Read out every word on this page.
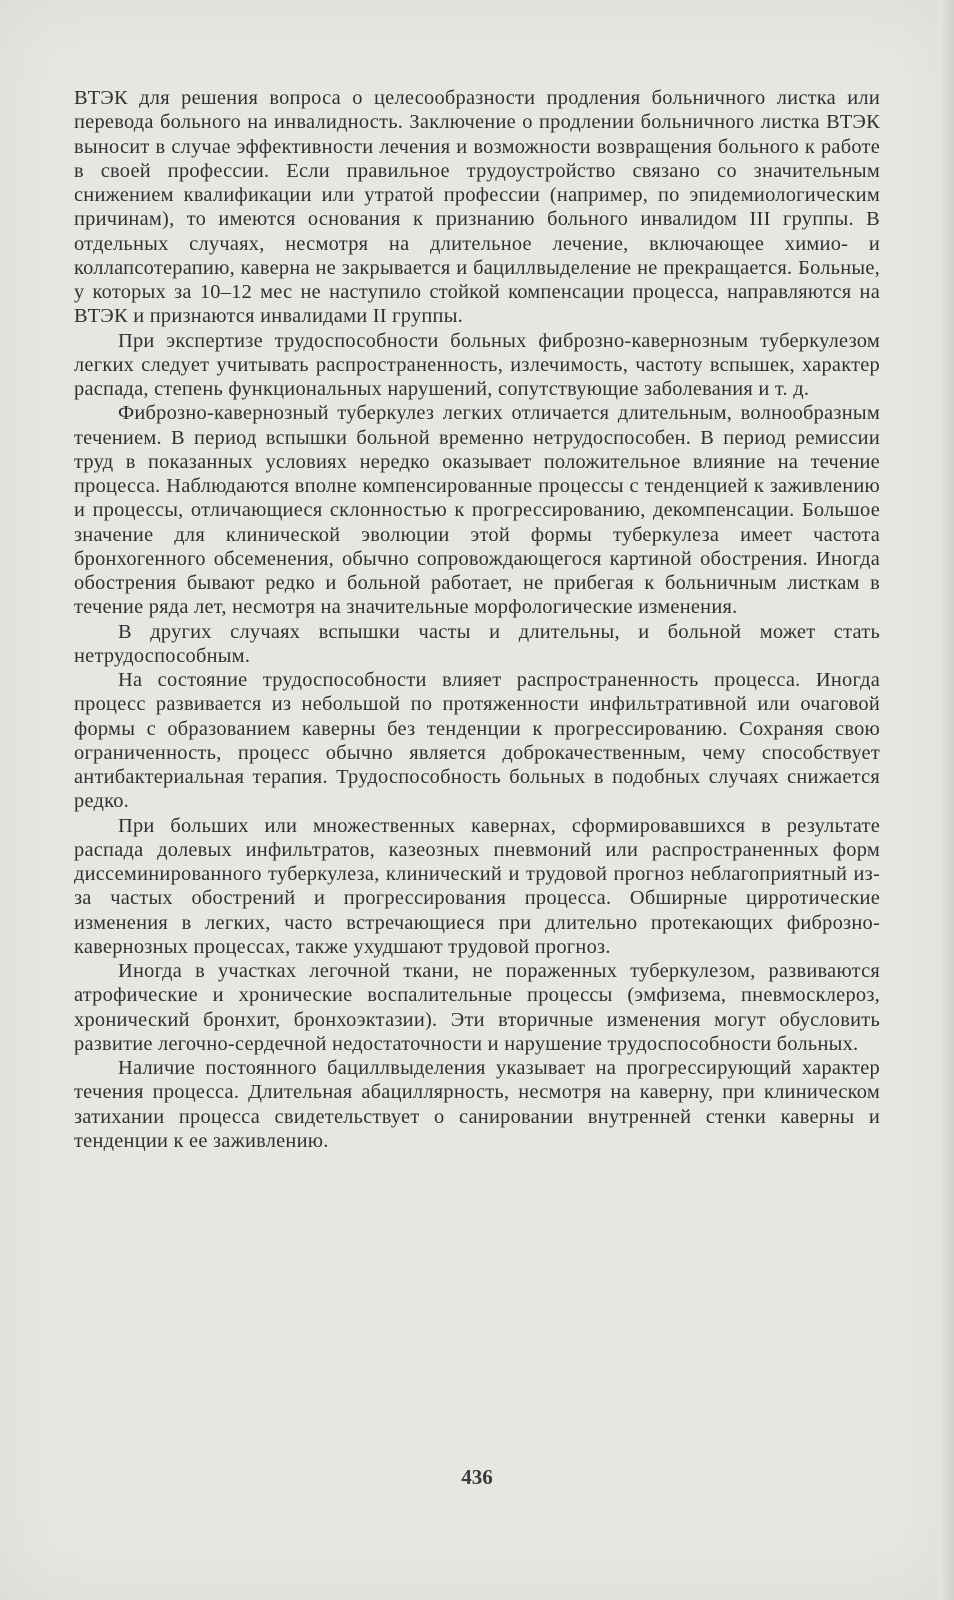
ВТЭК для решения вопроса о целесообразности продления больничного листка или перевода больного на инвалидность. Заключение о продлении больничного листка ВТЭК выносит в случае эффективности лечения и возможности возвращения больного к работе в своей профессии. Если правильное трудоустройство связано со значительным снижением квалификации или утратой профессии (например, по эпидемиологическим причинам), то имеются основания к признанию больного инвалидом III группы. В отдельных случаях, несмотря на длительное лечение, включающее химио- и коллапсотерапию, каверна не закрывается и бациллвыделение не прекращается. Больные, у которых за 10–12 мес не наступило стойкой компенсации процесса, направляются на ВТЭК и признаются инвалидами II группы.

При экспертизе трудоспособности больных фиброзно-кавернозным туберкулезом легких следует учитывать распространенность, излечимость, частоту вспышек, характер распада, степень функциональных нарушений, сопутствующие заболевания и т. д.

Фиброзно-кавернозный туберкулез легких отличается длительным, волнообразным течением. В период вспышки больной временно нетрудоспособен. В период ремиссии труд в показанных условиях нередко оказывает положительное влияние на течение процесса. Наблюдаются вполне компенсированные процессы с тенденцией к заживлению и процессы, отличающиеся склонностью к прогрессированию, декомпенсации. Большое значение для клинической эволюции этой формы туберкулеза имеет частота бронхогенного обсеменения, обычно сопровождающегося картиной обострения. Иногда обострения бывают редко и больной работает, не прибегая к больничным листкам в течение ряда лет, несмотря на значительные морфологические изменения.

В других случаях вспышки часты и длительны, и больной может стать нетрудоспособным.

На состояние трудоспособности влияет распространенность процесса. Иногда процесс развивается из небольшой по протяженности инфильтративной или очаговой формы с образованием каверны без тенденции к прогрессированию. Сохраняя свою ограниченность, процесс обычно является доброкачественным, чему способствует антибактериальная терапия. Трудоспособность больных в подобных случаях снижается редко.

При больших или множественных кавернах, сформировавшихся в результате распада долевых инфильтратов, казеозных пневмоний или распространенных форм диссеминированного туберкулеза, клинический и трудовой прогноз неблагоприятный из-за частых обострений и прогрессирования процесса. Обширные цирротические изменения в легких, часто встречающиеся при длительно протекающих фиброзно-кавернозных процессах, также ухудшают трудовой прогноз.

Иногда в участках легочной ткани, не пораженных туберкулезом, развиваются атрофические и хронические воспалительные процессы (эмфизема, пневмосклероз, хронический бронхит, бронхоэктазии). Эти вторичные изменения могут обусловить развитие легочно-сердечной недостаточности и нарушение трудоспособности больных.

Наличие постоянного бациллвыделения указывает на прогрессирующий характер течения процесса. Длительная абациллярность, несмотря на каверну, при клиническом затихании процесса свидетельствует о санировании внутренней стенки каверны и тенденции к ее заживлению.

436
